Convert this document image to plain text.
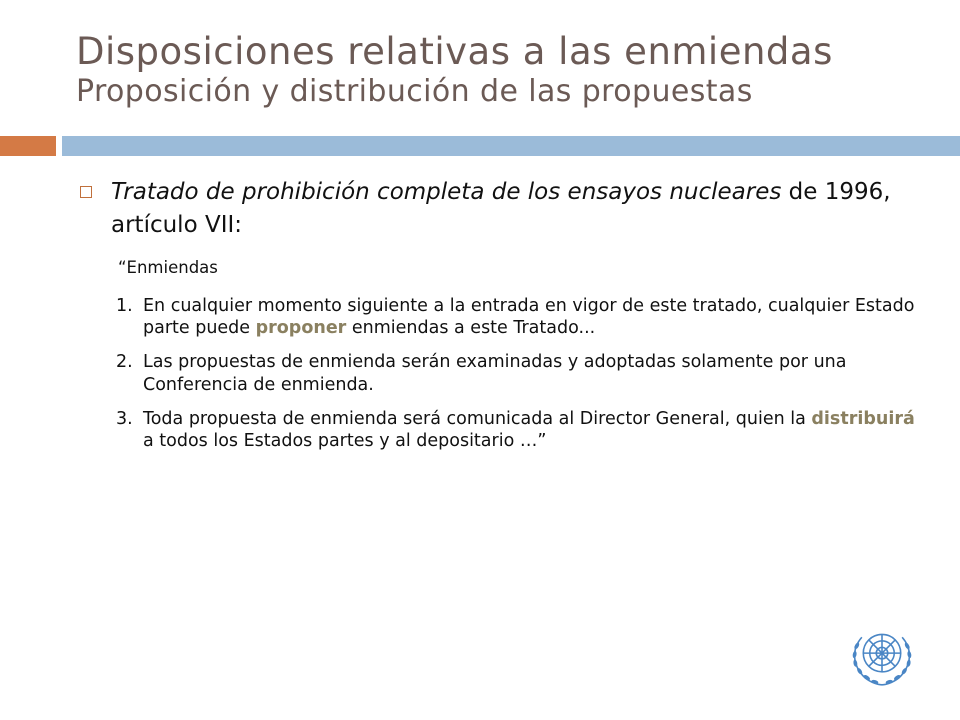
Disposiciones relativas a las enmiendas
Proposición y distribución de las propuestas
Tratado de prohibición completa de los ensayos nucleares de 1996, artículo VII:
“Enmiendas
1. En cualquier momento siguiente a la entrada en vigor de este tratado, cualquier Estado parte puede proponer enmiendas a este Tratado...
2. Las propuestas de enmienda serán examinadas y adoptadas solamente por una Conferencia de enmienda.
3. Toda propuesta de enmienda será comunicada al Director General, quien la distribuirá a todos los Estados partes y al depositario …”
